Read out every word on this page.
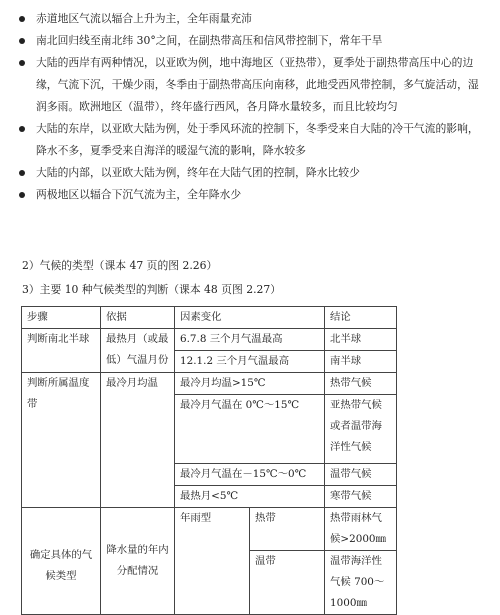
赤道地区气流以辐合上升为主，全年雨量充沛
南北回归线至南北纬 30°之间，在副热带高压和信风带控制下，常年干旱
大陆的西岸有两种情况，以亚欧为例，地中海地区（亚热带），夏季处于副热带高压中心的边缘，气流下沉，干燥少雨，冬季由于副热带高压向南移，此地受西风带控制，多气旋活动，湿润多雨。欧洲地区（温带），终年盛行西风，各月降水量较多，而且比较均匀
大陆的东岸，以亚欧大陆为例，处于季风环流的控制下，冬季受来自大陆的冷干气流的影响，降水不多，夏季受来自海洋的暖湿气流的影响，降水较多
大陆的内部，以亚欧大陆为例，终年在大陆气团的控制，降水比较少
两极地区以辐合下沉气流为主，全年降水少
2）气候的类型（课本 47 页的图 2.26）
3）主要 10 种气候类型的判断（课本 48 页图 2.27）
步骤	依据	因素变化		结论
判断南北半球	最热月（或最低）气温月份	6.7.8 三个月气温最高		北半球
		12.1.2 三个月气温最高		南半球
判断所属温度带	最冷月均温	最冷月均温>15℃		热带气候
		最冷月气温在 0℃～15℃		亚热带气候或者温带海洋性气候
		最冷月气温在－15℃～0℃		温带气候
		最热月<5℃		寒带气候
确定具体的气候类型	降水量的年内分配情况	年雨型	热带	热带雨林气候>2000㎜
			温带	温带海洋性气候 700～1000㎜
